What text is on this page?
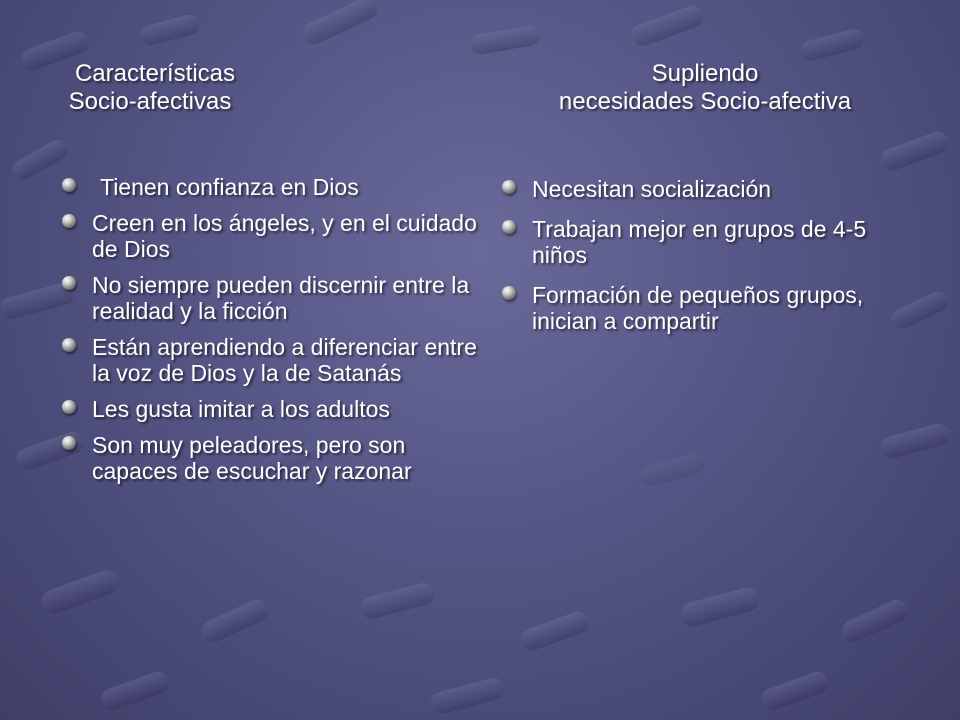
Características
Socio-afectivas
Supliendo
necesidades Socio-afectiva
Tienen confianza en Dios
Creen en los ángeles, y en el cuidado de Dios
No siempre pueden discernir entre la realidad y la ficción
Están aprendiendo a diferenciar entre la voz de Dios y la de Satanás
Les gusta imitar a los adultos
Son muy peleadores, pero son capaces de escuchar y razonar
Necesitan socialización
Trabajan mejor en grupos de 4-5 niños
Formación de pequeños grupos, inician a compartir
